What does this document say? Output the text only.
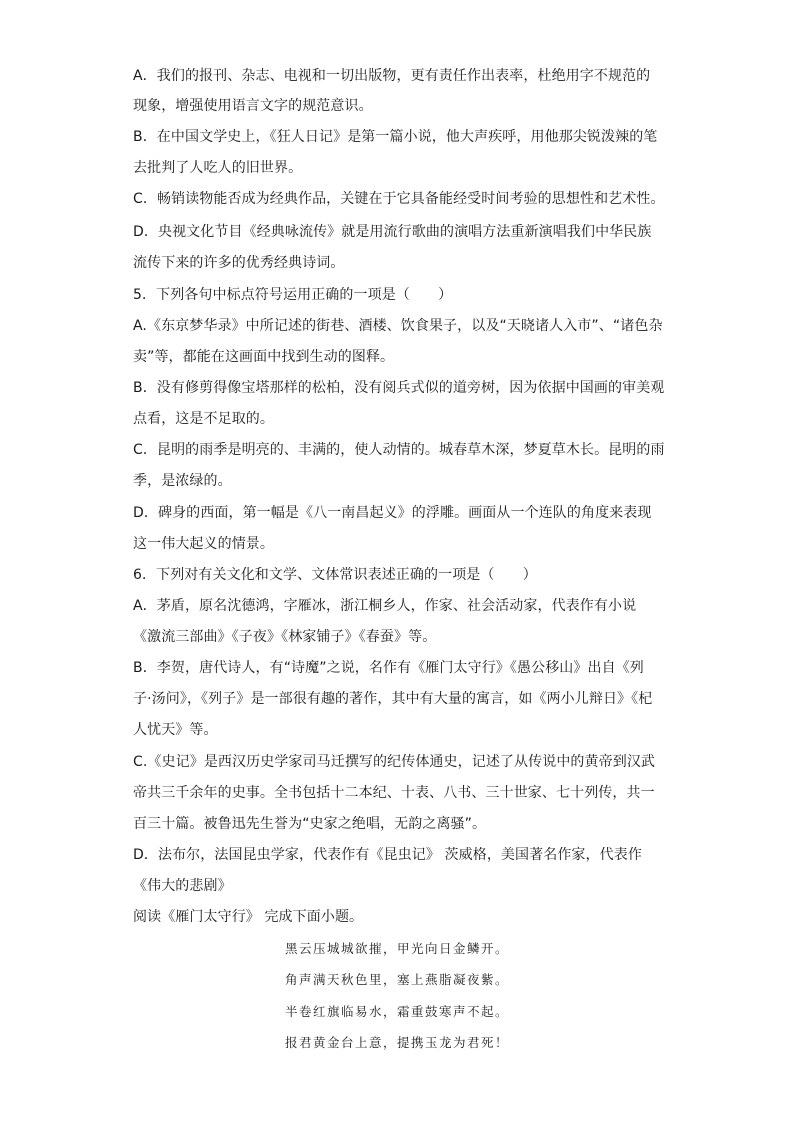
A．我们的报刊、杂志、电视和一切出版物，更有责任作出表率，杜绝用字不规范的
现象，增强使用语言文字的规范意识。
B．在中国文学史上，《狂人日记》是第一篇小说，他大声疾呼，用他那尖锐泼辣的笔
去批判了人吃人的旧世界。
C．畅销读物能否成为经典作品，关键在于它具备能经受时间考验的思想性和艺术性。
D．央视文化节目《经典咏流传》就是用流行歌曲的演唱方法重新演唱我们中华民族
流传下来的许多的优秀经典诗词。
5．下列各句中标点符号运用正确的一项是（　　）
A.《东京梦华录》中所记述的街巷、酒楼、饮食果子，以及“天晓诸人入市”、“诸色杂
卖”等，都能在这画面中找到生动的图释。
B．没有修剪得像宝塔那样的松柏，没有阅兵式似的道旁树，因为依据中国画的审美观
点看，这是不足取的。
C．昆明的雨季是明亮的、丰满的，使人动情的。城春草木深，梦夏草木长。昆明的雨
季，是浓绿的。
D．碑身的西面，第一幅是《八一南昌起义》的浮雕。画面从一个连队的角度来表现
这一伟大起义的情景。
6．下列对有关文化和文学、文体常识表述正确的一项是（　　）
A．茅盾，原名沈德鸿，字雁冰，浙江桐乡人，作家、社会活动家，代表作有小说
《激流三部曲》《子夜》《林家铺子》《春蚕》等。
B．李贺，唐代诗人，有“诗魔”之说，名作有《雁门太守行》《愚公移山》出自《列
子·汤问》，《列子》是一部很有趣的著作，其中有大量的寓言，如《两小儿辩日》《杞
人忧天》等。
C.《史记》是西汉历史学家司马迁撰写的纪传体通史，记述了从传说中的黄帝到汉武
帝共三千余年的史事。全书包括十二本纪、十表、八书、三十世家、七十列传，共一
百三十篇。被鲁迅先生誉为“史家之绝唱，无韵之离骚”。
D．法布尔，法国昆虫学家，代表作有《昆虫记》 茨威格，美国著名作家，代表作
《伟大的悲剧》
阅读《雁门太守行》 完成下面小题。
黑云压城城欲摧，甲光向日金鳞开。
角声满天秋色里，塞上燕脂凝夜紫。
半卷红旗临易水，霜重鼓寒声不起。
报君黄金台上意，提携玉龙为君死！
